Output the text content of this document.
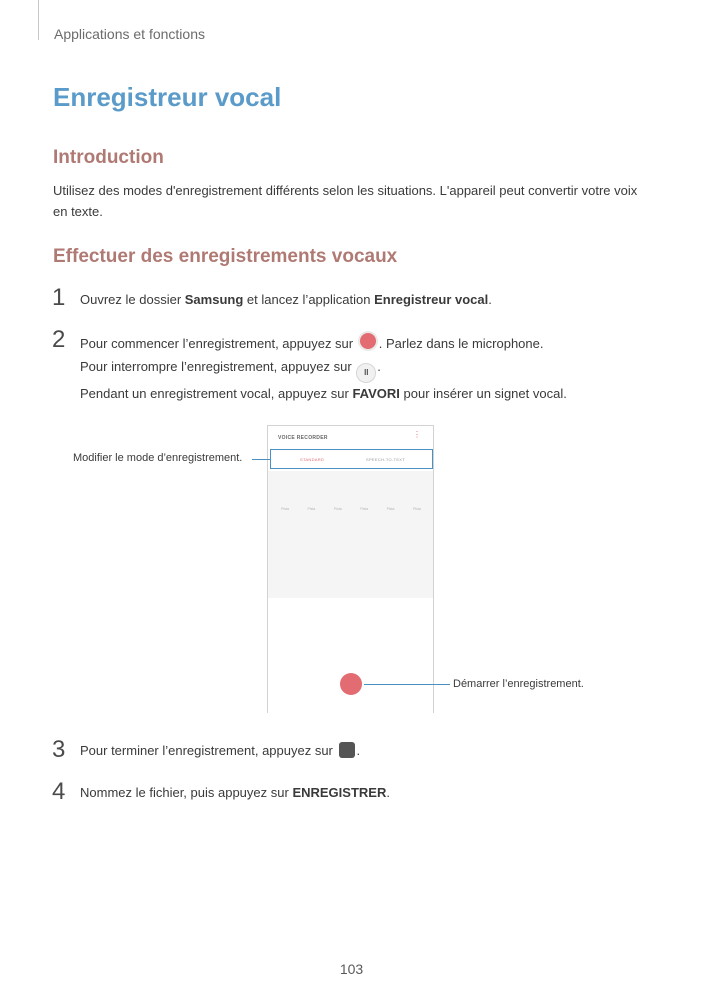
Applications et fonctions
Enregistreur vocal
Introduction
Utilisez des modes d'enregistrement différents selon les situations. L'appareil peut convertir votre voix en texte.
Effectuer des enregistrements vocaux
1 Ouvrez le dossier Samsung et lancez l’application Enregistreur vocal.
2 Pour commencer l’enregistrement, appuyez sur . Parlez dans le microphone.
Pour interrompre l’enregistrement, appuyez sur II .
Pendant un enregistrement vocal, appuyez sur FAVORI pour insérer un signet vocal.
VOICE RECORDER	⋮
STANDARD	SPEECH-TO-TEXT
Pista	Pista	Pista	Pista	Pista	Pista
Modifier le mode d’enregistrement.
Démarrer l’enregistrement.
3 Pour terminer l’enregistrement, appuyez sur .
4 Nommez le fichier, puis appuyez sur ENREGISTRER.
103
